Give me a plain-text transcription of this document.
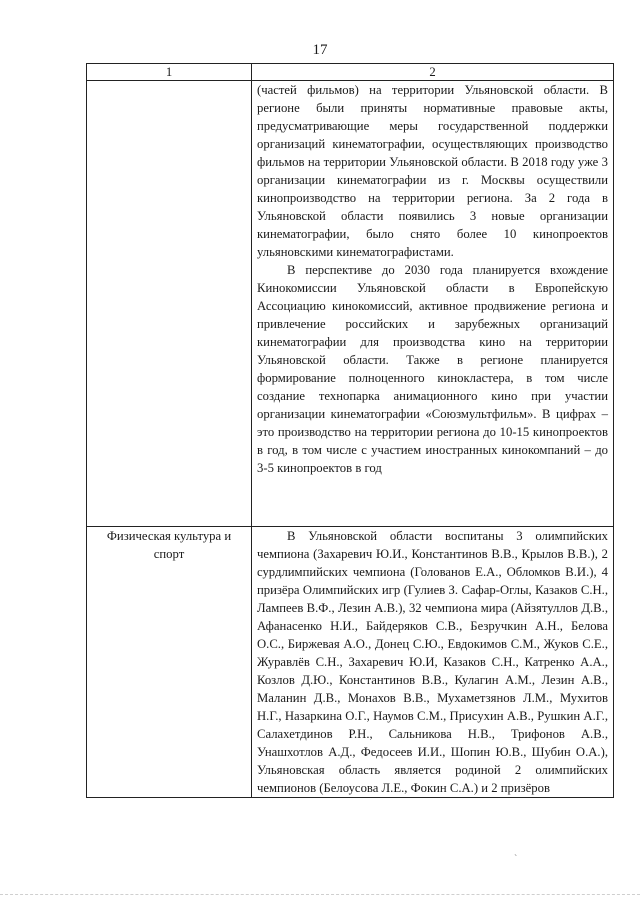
17
1	2

	(частей фильмов) на территории Ульяновской области. В регионе были приняты нормативные правовые акты, предусматривающие меры государственной поддержки организаций кинематографии, осуществляющих производство фильмов на территории Ульяновской области. В 2018 году уже 3 организации кинематографии из г. Москвы осуществили кинопроизводство на территории региона. За 2 года в Ульяновской области появились 3 новые организации кинематографии, было снято более 10 кинопроектов ульяновскими кинематографистами.

В перспективе до 2030 года планируется вхождение Кинокомиссии Ульяновской области в Европейскую Ассоциацию кинокомиссий, активное продвижение региона и привлечение российских и зарубежных организаций кинематографии для производства кино на территории Ульяновской области. Также в регионе планируется формирование полноценного кинокластера, в том числе создание технопарка анимационного кино при участии организации кинематографии «Союзмультфильм». В цифрах – это производство на территории региона до 10-15 кинопроектов в год, в том числе с участием иностранных кинокомпаний – до 3-5 кинопроектов в год

Физическая культура и спорт	В Ульяновской области воспитаны 3 олимпийских чемпиона (Захаревич Ю.И., Константинов В.В., Крылов В.В.), 2 сурдлимпийских чемпиона (Голованов Е.А., Обломков В.И.), 4 призёра Олимпийских игр (Гулиев З. Сафар-Оглы, Казаков С.Н., Лампеев В.Ф., Лезин А.В.), 32 чемпиона мира (Айзятуллов Д.В., Афанасенко Н.И., Байдеряков С.В., Безручкин А.Н., Белова О.С., Биржевая А.О., Донец С.Ю., Евдокимов С.М., Жуков С.Е., Журавлёв С.Н., Захаревич Ю.И, Казаков С.Н., Катренко А.А., Козлов Д.Ю., Константинов В.В., Кулагин А.М., Лезин А.В., Маланин Д.В., Монахов В.В., Мухаметзянов Л.М., Мухитов Н.Г., Назаркина О.Г., Наумов С.М., Присухин А.В., Рушкин А.Г., Салахетдинов Р.Н., Сальникова Н.В., Трифонов А.В., Унашхотлов А.Д., Федосеев И.И., Шопин Ю.В., Шубин О.А.), Ульяновская область является родиной 2 олимпийских чемпионов (Белоусова Л.Е., Фокин С.А.) и 2 призёров

`
